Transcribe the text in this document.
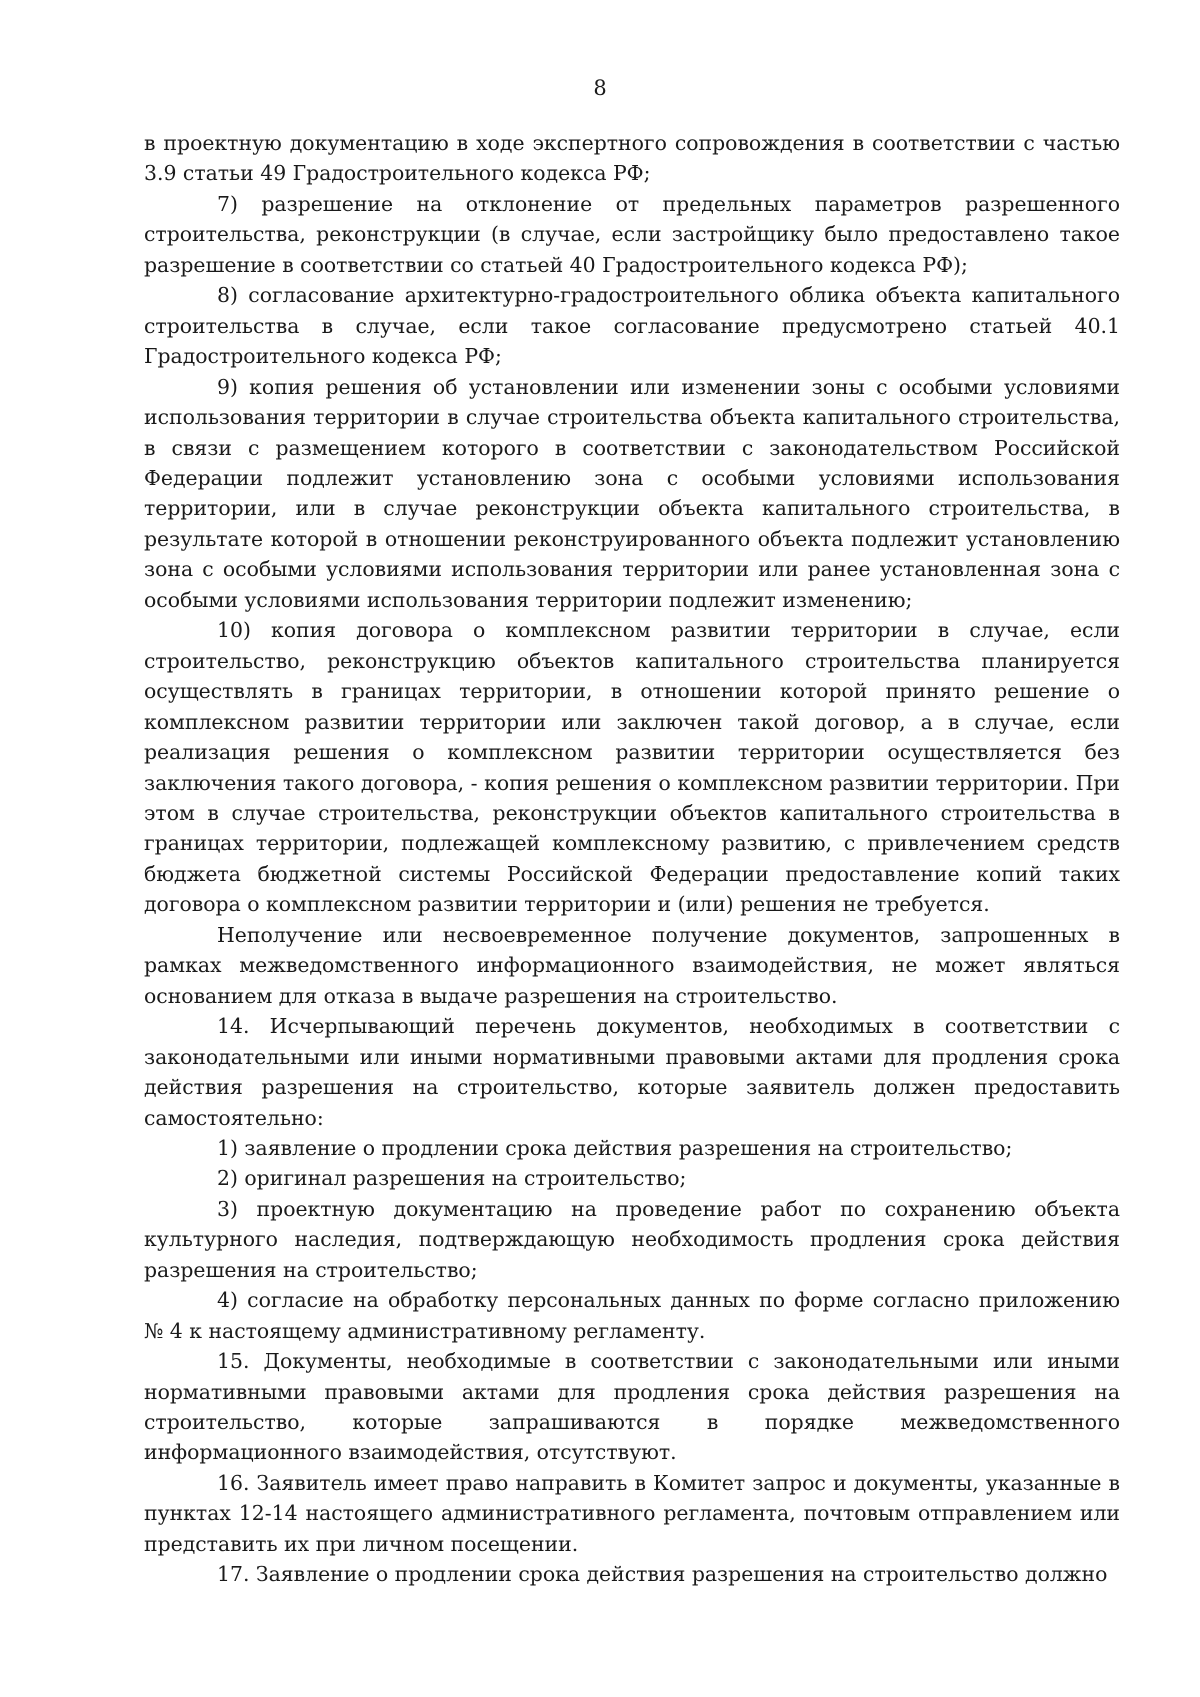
8

в проектную документацию в ходе экспертного сопровождения в соответствии с частью 3.9 статьи 49 Градостроительного кодекса РФ;

7) разрешение на отклонение от предельных параметров разрешенного строительства, реконструкции (в случае, если застройщику было предоставлено такое разрешение в соответствии со статьей 40 Градостроительного кодекса РФ);

8) согласование архитектурно-градостроительного облика объекта капитального строительства в случае, если такое согласование предусмотрено статьей 40.1 Градостроительного кодекса РФ;

9) копия решения об установлении или изменении зоны с особыми условиями использования территории в случае строительства объекта капитального строительства, в связи с размещением которого в соответствии с законодательством Российской Федерации подлежит установлению зона с особыми условиями использования территории, или в случае реконструкции объекта капитального строительства, в результате которой в отношении реконструированного объекта подлежит установлению зона с особыми условиями использования территории или ранее установленная зона с особыми условиями использования территории подлежит изменению;

10) копия договора о комплексном развитии территории в случае, если строительство, реконструкцию объектов капитального строительства планируется осуществлять в границах территории, в отношении которой принято решение о комплексном развитии территории или заключен такой договор, а в случае, если реализация решения о комплексном развитии территории осуществляется без заключения такого договора, - копия решения о комплексном развитии территории. При этом в случае строительства, реконструкции объектов капитального строительства в границах территории, подлежащей комплексному развитию, с привлечением средств бюджета бюджетной системы Российской Федерации предоставление копий таких договора о комплексном развитии территории и (или) решения не требуется.

Неполучение или несвоевременное получение документов, запрошенных в рамках межведомственного информационного взаимодействия, не может являться основанием для отказа в выдаче разрешения на строительство.

14. Исчерпывающий перечень документов, необходимых в соответствии с законодательными или иными нормативными правовыми актами для продления срока действия разрешения на строительство, которые заявитель должен предоставить самостоятельно:

1) заявление о продлении срока действия разрешения на строительство;

2) оригинал разрешения на строительство;

3) проектную документацию на проведение работ по сохранению объекта культурного наследия, подтверждающую необходимость продления срока действия разрешения на строительство;

4) согласие на обработку персональных данных по форме согласно приложению № 4 к настоящему административному регламенту.

15. Документы, необходимые в соответствии с законодательными или иными нормативными правовыми актами для продления срока действия разрешения на строительство, которые запрашиваются в порядке межведомственного информационного взаимодействия, отсутствуют.

16. Заявитель имеет право направить в Комитет запрос и документы, указанные в пунктах 12-14 настоящего административного регламента, почтовым отправлением или представить их при личном посещении.

17. Заявление о продлении срока действия разрешения на строительство должно
